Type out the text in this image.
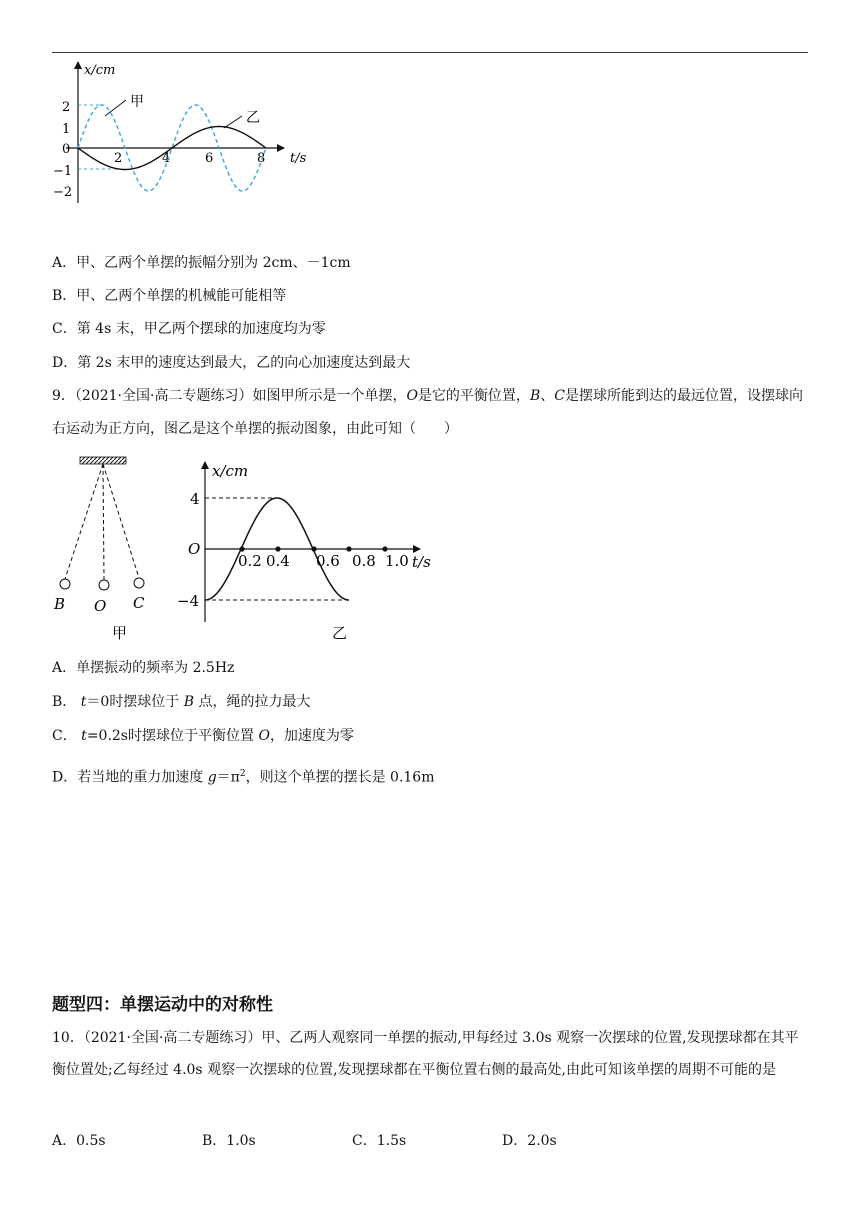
x/cm
t/s
2
1
0
−1
−2
2	4	6	8
甲
乙
A．甲、乙两个单摆的振幅分别为 2cm、－1cm
B．甲、乙两个单摆的机械能可能相等
C．第 4s 末，甲乙两个摆球的加速度均为零
D．第 2s 末甲的速度达到最大，乙的向心加速度达到最大
9．（2021·全国·高二专题练习）如图甲所示是一个单摆，O是它的平衡位置，B、C是摆球所能到达的最远位置，设摆球向右运动为正方向，图乙是这个单摆的振动图象，由此可知（　　）
B O C
甲
x/cm
t/s
O
4
−4
0.2 0.4 0.6 0.8 1.0
乙
A．单摆振动的频率为 2.5Hz
B． t＝0时摆球位于 B 点，绳的拉力最大
C． t=0.2s时摆球位于平衡位置 O，加速度为零
D．若当地的重力加速度 $g=\pi^2$，则这个单摆的摆长是 0.16m
题型四：单摆运动中的对称性
10．（2021·全国·高二专题练习）甲、乙两人观察同一单摆的振动,甲每经过 3.0s 观察一次摆球的位置,发现摆球都在其平衡位置处;乙每经过 4.0s 观察一次摆球的位置,发现摆球都在平衡位置右侧的最高处,由此可知该单摆的周期不可能的是
A．0.5s	B．1.0s	C．1.5s	D．2.0s
